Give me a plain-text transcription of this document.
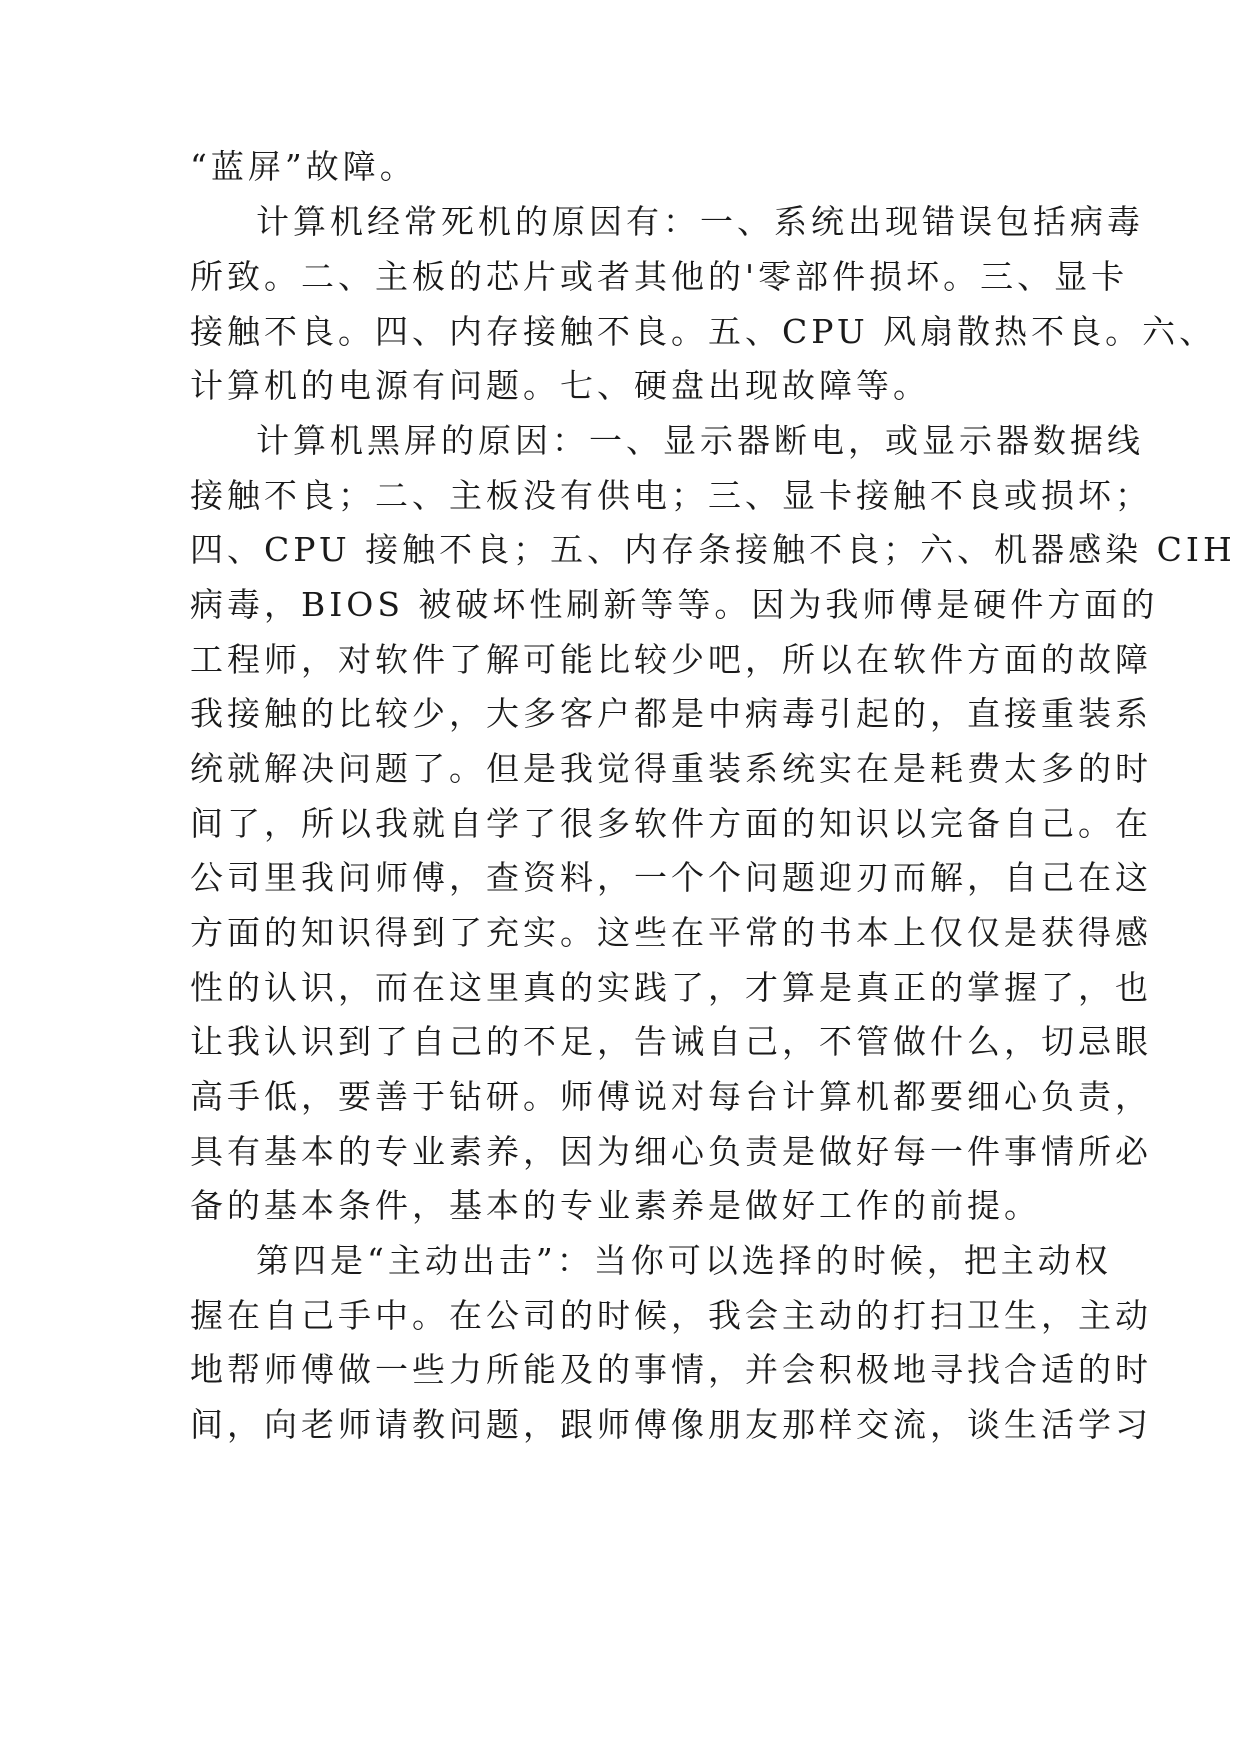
“蓝屏”故障。
计算机经常死机的原因有：一、系统出现错误包括病毒
所致。二、主板的芯片或者其他的'零部件损坏。三、显卡
接触不良。四、内存接触不良。五、CPU 风扇散热不良。六、
计算机的电源有问题。七、硬盘出现故障等。
计算机黑屏的原因：一、显示器断电，或显示器数据线
接触不良；二、主板没有供电；三、显卡接触不良或损坏；
四、CPU 接触不良；五、内存条接触不良；六、机器感染 CIH
病毒，BIOS 被破坏性刷新等等。因为我师傅是硬件方面的
工程师，对软件了解可能比较少吧，所以在软件方面的故障
我接触的比较少，大多客户都是中病毒引起的，直接重装系
统就解决问题了。但是我觉得重装系统实在是耗费太多的时
间了，所以我就自学了很多软件方面的知识以完备自己。在
公司里我问师傅，查资料，一个个问题迎刃而解，自己在这
方面的知识得到了充实。这些在平常的书本上仅仅是获得感
性的认识，而在这里真的实践了，才算是真正的掌握了，也
让我认识到了自己的不足，告诫自己，不管做什么，切忌眼
高手低，要善于钻研。师傅说对每台计算机都要细心负责，
具有基本的专业素养，因为细心负责是做好每一件事情所必
备的基本条件，基本的专业素养是做好工作的前提。
第四是“主动出击”：当你可以选择的时候，把主动权
握在自己手中。在公司的时候，我会主动的打扫卫生，主动
地帮师傅做一些力所能及的事情，并会积极地寻找合适的时
间，向老师请教问题，跟师傅像朋友那样交流，谈生活学习
